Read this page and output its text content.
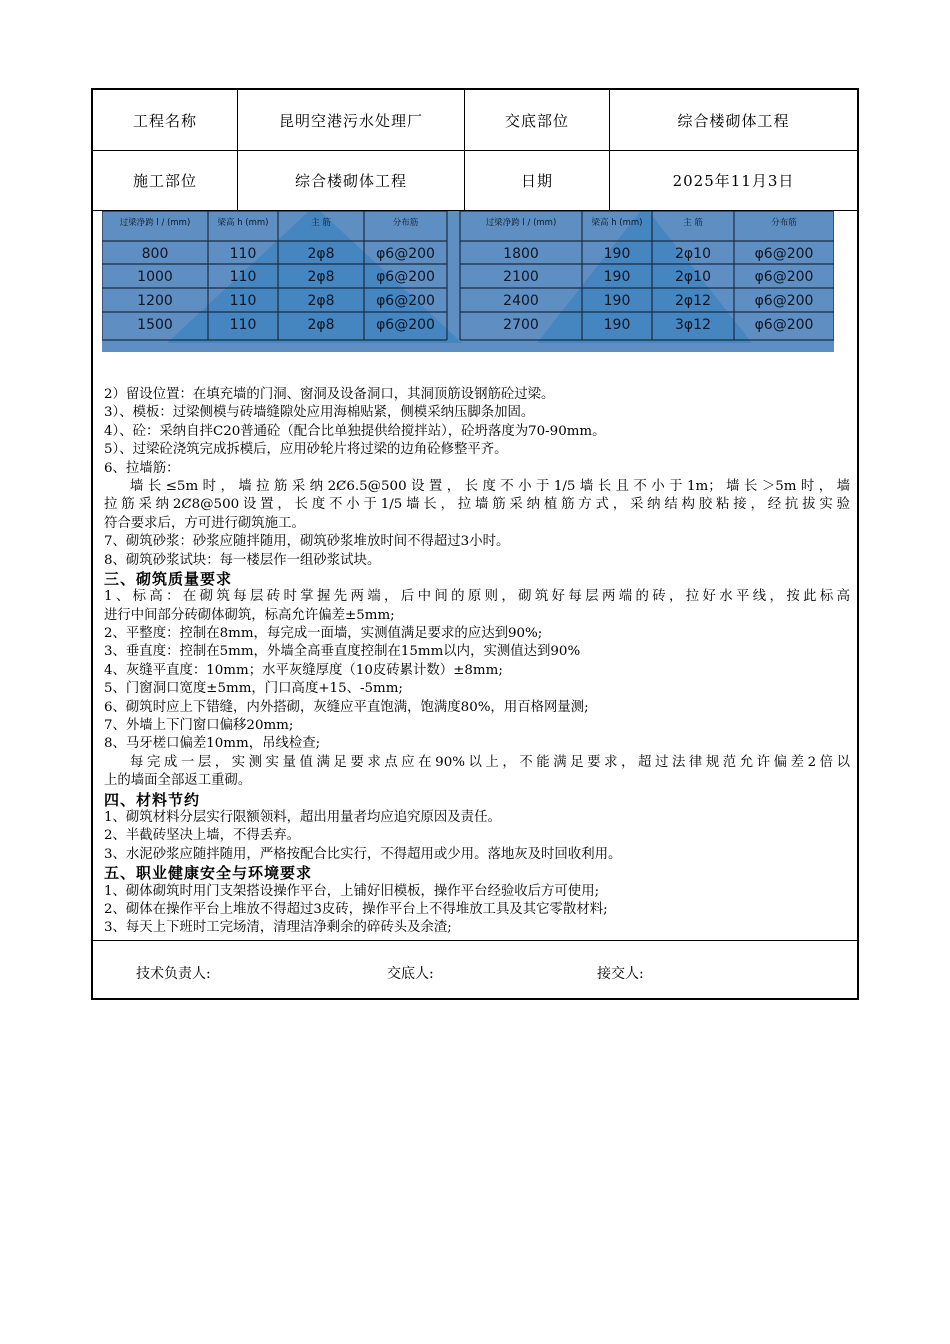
工程名称	昆明空港污水处理厂	交底部位	综合楼砌体工程
施工部位	综合楼砌体工程	日期	2025年11月3日
过梁净跨 l / (mm)	梁高 h (mm)	主 筋	分布筋
800	110	2φ8	φ6@200
1000	110	2φ8	φ6@200
1200	110	2φ8	φ6@200
1500	110	2φ8	φ6@200
过梁净跨 l / (mm)	梁高 h (mm)	主 筋	分布筋
1800	190	2φ10	φ6@200
2100	190	2φ10	φ6@200
2400	190	2φ12	φ6@200
2700	190	3φ12	φ6@200
2）留设位置：在填充墙的门洞、窗洞及设备洞口，其洞顶筋设钢筋砼过梁。
3）、模板：过梁侧模与砖墙缝隙处应用海棉贴紧，侧模采纳压脚条加固。
4）、砼：采纳自拌C20普通砼（配合比单独提供给搅拌站），砼坍落度为70-90mm。
5）、过梁砼浇筑完成拆模后，应用砂轮片将过梁的边角砼修整平齐。
6、拉墙筋：
墙长≤5m时，墙拉筋采纳2Ȼ6.5@500设置，长度不小于1/5墙长且不小于1m；墙长＞5m时，墙
拉筋采纳2Ȼ8@500设置，长度不小于1/5墙长，拉墙筋采纳植筋方式，采纳结构胶粘接，经抗拔实验
符合要求后，方可进行砌筑施工。
7、砌筑砂浆：砂浆应随拌随用，砌筑砂浆堆放时间不得超过3小时。
8、砌筑砂浆试块：每一楼层作一组砂浆试块。
三、砌筑质量要求
1、标高：在砌筑每层砖时掌握先两端，后中间的原则，砌筑好每层两端的砖，拉好水平线，按此标高
进行中间部分砖砌体砌筑，标高允许偏差±5mm;
2、平整度：控制在8mm，每完成一面墙，实测值满足要求的应达到90%;
3、垂直度：控制在5mm，外墙全高垂直度控制在15mm以内，实测值达到90%
4、灰缝平直度：10mm；水平灰缝厚度（10皮砖累计数）±8mm;
5、门窗洞口宽度±5mm，门口高度+15、-5mm;
6、砌筑时应上下错缝，内外搭砌，灰缝应平直饱满，饱满度80%，用百格网量测;
7、外墙上下门窗口偏移20mm;
8、马牙槎口偏差10mm，吊线检查;
每完成一层，实测实量值满足要求点应在90%以上，不能满足要求，超过法律规范允许偏差2倍以
上的墙面全部返工重砌。
四、材料节约
1、砌筑材料分层实行限额领料，超出用量者均应追究原因及责任。
2、半截砖坚决上墙，不得丢弃。
3、水泥砂浆应随拌随用，严格按配合比实行，不得超用或少用。落地灰及时回收利用。
五、职业健康安全与环境要求
1、砌体砌筑时用门支架搭设操作平台，上铺好旧模板，操作平台经验收后方可使用;
2、砌体在操作平台上堆放不得超过3皮砖，操作平台上不得堆放工具及其它零散材料;
3、每天上下班时工完场清，清理洁净剩余的碎砖头及余渣;
技术负责人:	交底人:	接交人:
